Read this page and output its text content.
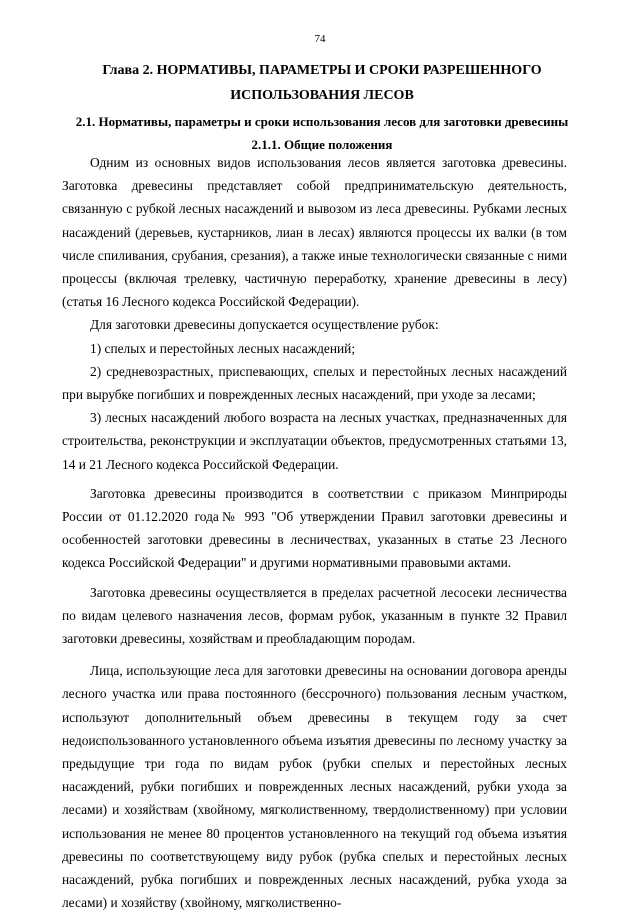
74
Глава 2. НОРМАТИВЫ, ПАРАМЕТРЫ И СРОКИ РАЗРЕШЕННОГО
ИСПОЛЬЗОВАНИЯ ЛЕСОВ
2.1. Нормативы, параметры и сроки использования лесов для заготовки древесины
2.1.1. Общие положения

Одним из основных видов использования лесов является заготовка древесины. Заготовка древесины представляет собой предпринимательскую деятельность, связанную с рубкой лесных насаждений и вывозом из леса древесины. Рубками лесных насаждений (деревьев, кустарников, лиан в лесах) являются процессы их валки (в том числе спиливания, срубания, срезания), а также иные технологически связанные с ними процессы (включая трелевку, частичную переработку, хранение древесины в лесу) (статья 16 Лесного кодекса Российской Федерации).

Для заготовки древесины допускается осуществление рубок:

1) спелых и перестойных лесных насаждений;

2) средневозрастных, приспевающих, спелых и перестойных лесных насаждений при вырубке погибших и поврежденных лесных насаждений, при уходе за лесами;

3) лесных насаждений любого возраста на лесных участках, предназначенных для строительства, реконструкции и эксплуатации объектов, предусмотренных статьями 13, 14 и 21 Лесного кодекса Российской Федерации.

Заготовка древесины производится в соответствии с приказом Минприроды России от 01.12.2020 года№ 993 "Об утверждении Правил заготовки древесины и особенностей заготовки древесины в лесничествах, указанных в статье 23 Лесного кодекса Российской Федерации" и другими нормативными правовыми актами.

Заготовка древесины осуществляется в пределах расчетной лесосеки лесничества по видам целевого назначения лесов, формам рубок, указанным в пункте 32 Правил заготовки древесины, хозяйствам и преобладающим породам.

Лица, использующие леса для заготовки древесины на основании договора аренды лесного участка или права постоянного (бессрочного) пользования лесным участком, используют дополнительный объем древесины в текущем году за счет недоиспользованного установленного объема изъятия древесины по лесному участку за предыдущие три года по видам рубок (рубки спелых и перестойных лесных насаждений, рубки погибших и поврежденных лесных насаждений, рубки ухода за лесами) и хозяйствам (хвойному, мягколиственному, твердолиственному) при условии использования не менее 80 процентов установленного на текущий год объема изъятия древесины по соответствующему виду рубок (рубка спелых и перестойных лесных насаждений, рубка погибших и поврежденных лесных насаждений, рубка ухода за лесами) и хозяйству (хвойному, мягколиственно-
